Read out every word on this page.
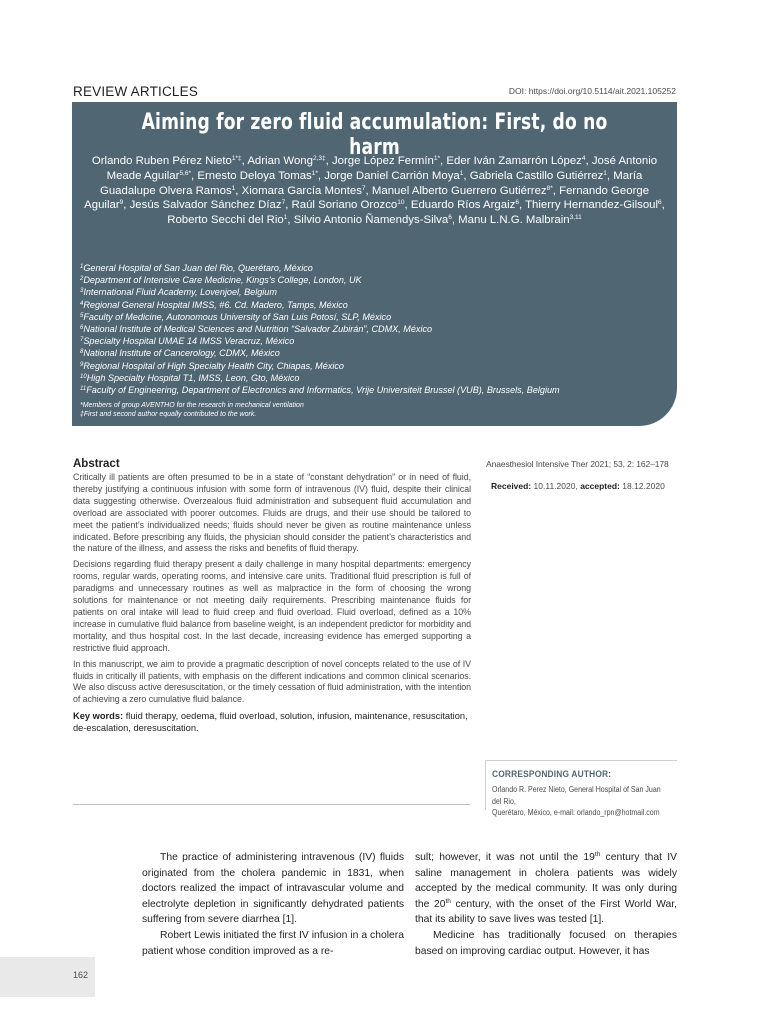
REVIEW ARTICLES	DOI: https://doi.org/10.5114/ait.2021.105252
Aiming for zero fluid accumulation: First, do no harm
Orlando Ruben Pérez Nieto$^{1*\ddagger}$, Adrian Wong$^{2,3\ddagger}$, Jorge López Fermín$^{1*}$, Eder Iván Zamarrón López$^4$, José Antonio Meade Aguilar$^{5,6*}$, Ernesto Deloya Tomas$^{1*}$, Jorge Daniel Carrión Moya$^1$, Gabriela Castillo Gutiérrez$^1$, María Guadalupe Olvera Ramos$^1$, Xiomara García Montes$^7$, Manuel Alberto Guerrero Gutiérrez$^{8*}$, Fernando George Aguilar$^9$, Jesús Salvador Sánchez Díaz$^7$, Raúl Soriano Orozco$^{10}$, Eduardo Ríos Argaiz$^6$, Thierry Hernandez-Gilsoul$^6$, Roberto Secchi del Rio$^1$, Silvio Antonio Ñamendys-Silva$^6$, Manu L.N.G. Malbrain$^{3,11}$
$^1$General Hospital of San Juan del Rio, Querétaro, México
$^2$Department of Intensive Care Medicine, Kings's College, London, UK
$^3$International Fluid Academy, Lovenjoel, Belgium
$^4$Regional General Hospital IMSS, #6. Cd. Madero, Tamps, México
$^5$Faculty of Medicine, Autonomous University of San Luis Potosí, SLP, México
$^6$National Institute of Medical Sciences and Nutrition “Salvador Zubirán”, CDMX, México
$^7$Specialty Hospital UMAE 14 IMSS Veracruz, México
$^8$National Institute of Cancerology, CDMX, México
$^9$Regional Hospital of High Specialty Health City, Chiapas, México
$^{10}$High Specialty Hospital T1, IMSS, Leon, Gto, México
$^{11}$Faculty of Engineering, Department of Electronics and Informatics, Vrije Universiteit Brussel (VUB), Brussels, Belgium
*Members of group AVENTHO for the research in mechanical ventilation
‡First and second author equally contributed to the work.
Abstract

Critically ill patients are often presumed to be in a state of “constant dehydration” or in need of fluid, thereby justifying a continuous infusion with some form of intravenous (IV) fluid, despite their clinical data suggesting otherwise. Overzealous fluid administration and subsequent fluid accumulation and overload are associated with poorer outcomes. Fluids are drugs, and their use should be tailored to meet the patient’s individualized needs; fluids should never be given as routine maintenance unless indicated. Before prescribing any fluids, the physician should consider the patient’s characteristics and the nature of the illness, and assess the risks and benefits of fluid therapy.

Decisions regarding fluid therapy present a daily challenge in many hospital departments: emergency rooms, regular wards, operating rooms, and intensive care units. Traditional fluid prescription is full of paradigms and unnecessary routines as well as malpractice in the form of choosing the wrong solutions for maintenance or not meeting daily requirements. Prescribing maintenance fluids for patients on oral intake will lead to fluid creep and fluid overload. Fluid overload, defined as a 10% increase in cumulative fluid balance from baseline weight, is an independent predictor for morbidity and mortality, and thus hospital cost. In the last decade, increasing evidence has emerged supporting a restrictive fluid approach.

In this manuscript, we aim to provide a pragmatic description of novel concepts related to the use of IV fluids in critically ill patients, with emphasis on the different indications and common clinical scenarios. We also discuss active deresuscitation, or the timely cessation of fluid administration, with the intention of achieving a zero cumulative fluid balance.

Key words: fluid therapy, oedema, fluid overload, solution, infusion, maintenance, resuscitation, de-escalation, deresuscitation.

Anaesthesiol Intensive Ther 2021; 53, 2: 162–178
Received: 10.11.2020, accepted: 18.12.2020
CORRESPONDING AUTHOR:
Orlando R. Perez Nieto, General Hospital of San Juan del Rio,
Querétaro, México, e-mail: orlando_rpn@hotmail.com

The practice of administering intravenous (IV) fluids originated from the cholera pandemic in 1831, when doctors realized the impact of intravascular volume and electrolyte depletion in significantly dehydrated patients suffering from severe diarrhea [1].

Robert Lewis initiated the first IV infusion in a cholera patient whose condition improved as a re-

sult; however, it was not until the 19th century that IV saline management in cholera patients was widely accepted by the medical community. It was only during the 20th century, with the onset of the First World War, that its ability to save lives was tested [1].

Medicine has traditionally focused on therapies based on improving cardiac output. However, it has

162
